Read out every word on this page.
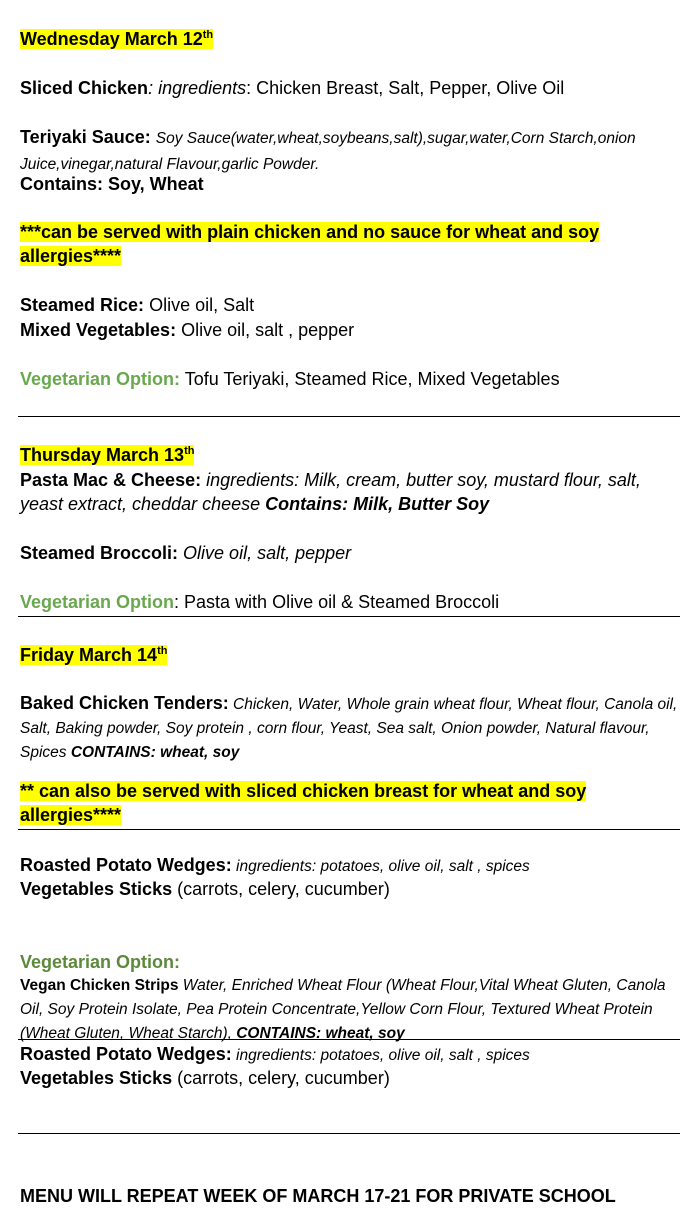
Wednesday March 12th
Sliced Chicken: ingredients: Chicken Breast, Salt, Pepper, Olive Oil
Teriyaki Sauce: Soy Sauce(water,wheat,soybeans,salt),sugar,water,Corn Starch,onion Juice,vinegar,natural Flavour,garlic Powder.
Contains: Soy, Wheat
***can be served with plain chicken and no sauce for wheat and soy allergies****
Steamed Rice: Olive oil, Salt
Mixed Vegetables: Olive oil, salt , pepper
Vegetarian Option: Tofu Teriyaki, Steamed Rice, Mixed Vegetables
Thursday March 13th
Pasta Mac & Cheese: ingredients: Milk, cream, butter soy, mustard flour, salt, yeast extract, cheddar cheese Contains: Milk, Butter Soy
Steamed Broccoli: Olive oil, salt, pepper
Vegetarian Option: Pasta with Olive oil & Steamed Broccoli
Friday March 14th
Baked Chicken Tenders: Chicken, Water, Whole grain wheat flour, Wheat flour, Canola oil, Salt, Baking powder, Soy protein , corn flour, Yeast, Sea salt, Onion powder, Natural flavour, Spices CONTAINS: wheat, soy
** can also be served with sliced chicken breast for wheat and soy allergies****
Roasted Potato Wedges: ingredients: potatoes, olive oil, salt , spices
Vegetables Sticks (carrots, celery, cucumber)
Vegetarian Option:
Vegan Chicken Strips Water, Enriched Wheat Flour (Wheat Flour,Vital Wheat Gluten, Canola Oil, Soy Protein Isolate, Pea Protein Concentrate,Yellow Corn Flour, Textured Wheat Protein (Wheat Gluten, Wheat Starch), CONTAINS: wheat, soy
Roasted Potato Wedges: ingredients: potatoes, olive oil, salt , spices
Vegetables Sticks (carrots, celery, cucumber)
MENU WILL REPEAT WEEK OF MARCH 17-21 FOR PRIVATE SCHOOL
